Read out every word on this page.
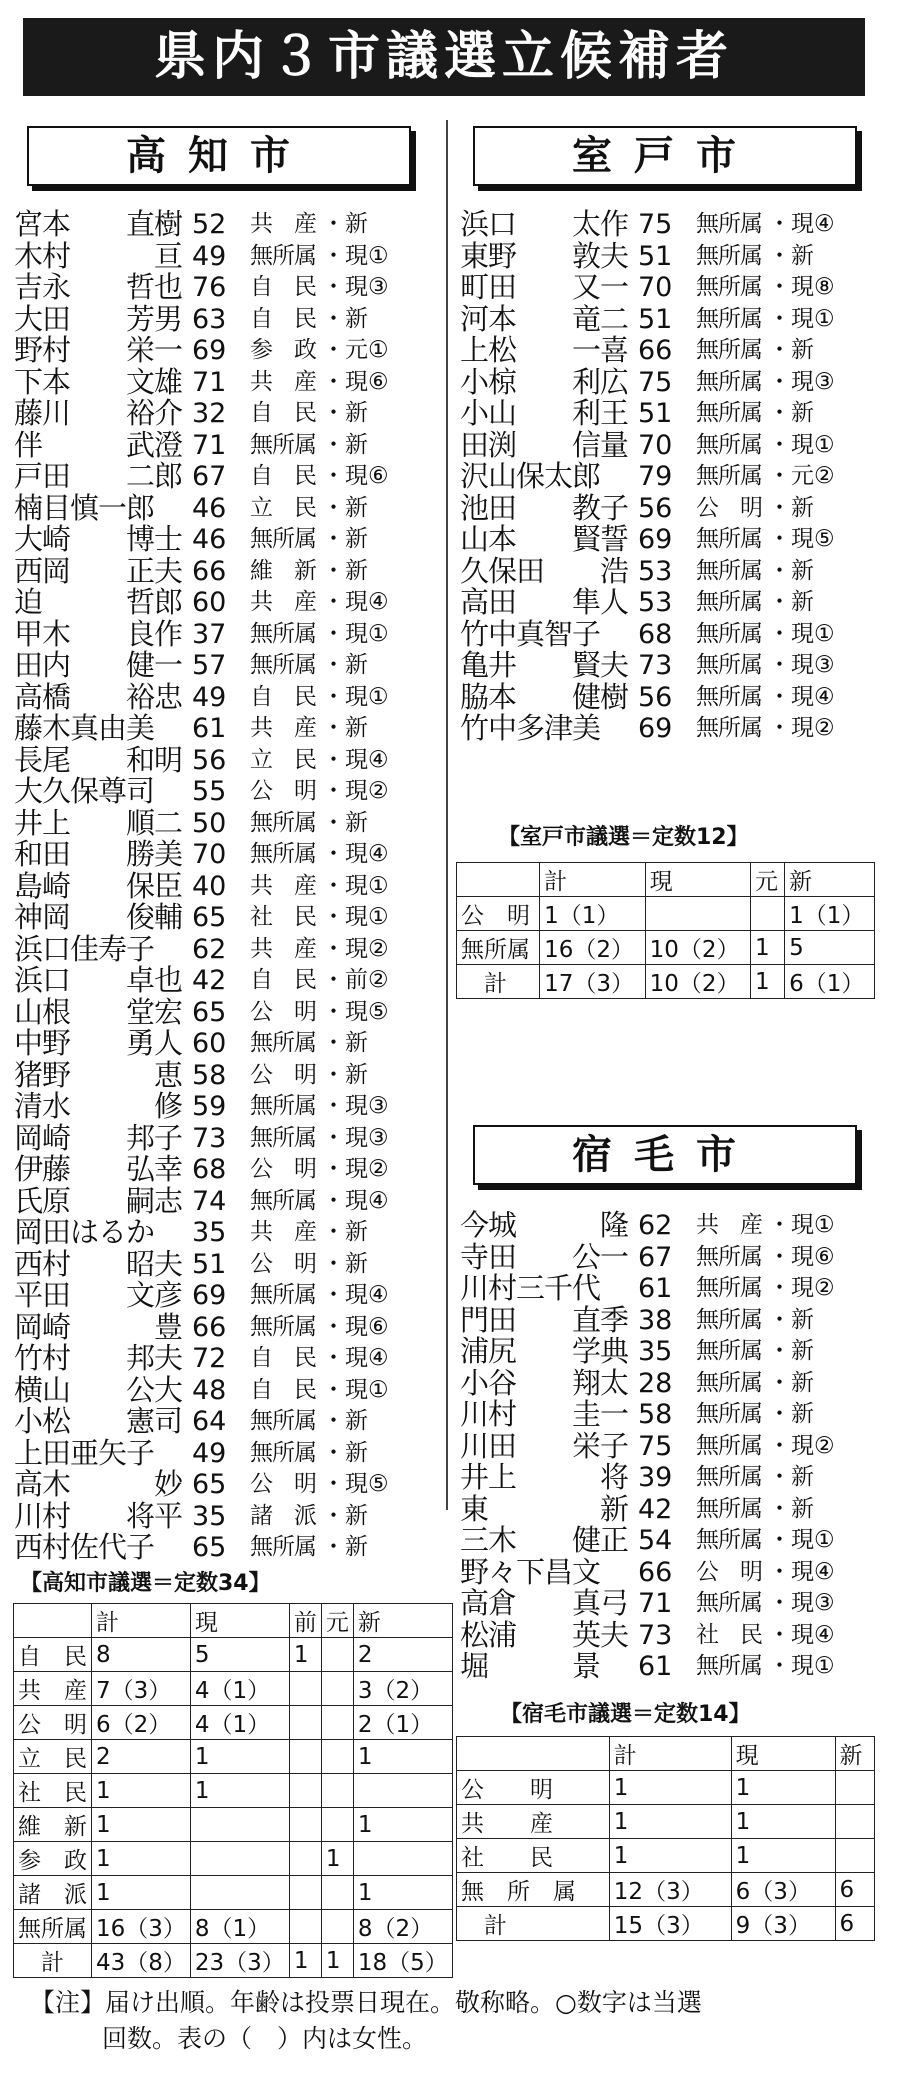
県内３市議選立候補者
高知市
宮本　　直樹 52 共　産 ・新
木村　　　亘 49 無所属 ・現①
吉永　　哲也 76 自　民 ・現③
大田　　芳男 63 自　民 ・新
野村　　栄一 69 参　政 ・元①
下本　　文雄 71 共　産 ・現⑥
藤川　　裕介 32 自　民 ・新
伴　　　武澄 71 無所属 ・新
戸田　　二郎 67 自　民 ・現⑥
楠目慎一郎 46 立　民 ・新
大崎　　博士 46 無所属 ・新
西岡　　正夫 66 維　新 ・新
迫　　　哲郎 60 共　産 ・現④
甲木　　良作 37 無所属 ・現①
田内　　健一 57 無所属 ・新
高橋　　裕忠 49 自　民 ・現①
藤木真由美 61 共　産 ・新
長尾　　和明 56 立　民 ・現④
大久保尊司 55 公　明 ・現②
井上　　順二 50 無所属 ・新
和田　　勝美 70 無所属 ・現④
島崎　　保臣 40 共　産 ・現①
神岡　　俊輔 65 社　民 ・現①
浜口佳寿子 62 共　産 ・現②
浜口　　卓也 42 自　民 ・前②
山根　　堂宏 65 公　明 ・現⑤
中野　　勇人 60 無所属 ・新
猪野　　　恵 58 公　明 ・新
清水　　　修 59 無所属 ・現③
岡崎　　邦子 73 無所属 ・現③
伊藤　　弘幸 68 公　明 ・現②
氏原　　嗣志 74 無所属 ・現④
岡田はるか 35 共　産 ・新
西村　　昭夫 51 公　明 ・新
平田　　文彦 69 無所属 ・現④
岡崎　　　豊 66 無所属 ・現⑥
竹村　　邦夫 72 自　民 ・現④
横山　　公大 48 自　民 ・現①
小松　　憲司 64 無所属 ・新
上田亜矢子 49 無所属 ・新
高木　　　妙 65 公　明 ・現⑤
川村　　将平 35 諸　派 ・新
西村佐代子 65 無所属 ・新
【高知市議選＝定数34】
	計	現	前	元	新
自　民	8	5	1		2
共　産	7（3）	4（1）			3（2）
公　明	6（2）	4（1）			2（1）
立　民	2	1			1
社　民	1	1			
維　新	1				1
参　政	1			1	
諸　派	1				1
無所属	16（3）	8（1）			8（2）
　計	43（8）	23（3）	1	1	18（5）
室戸市
浜口　　太作 75 無所属 ・現④
東野　　敦夫 51 無所属 ・新
町田　　又一 70 無所属 ・現⑧
河本　　竜二 51 無所属 ・現①
上松　　一喜 66 無所属 ・新
小椋　　利広 75 無所属 ・現③
小山　　利王 51 無所属 ・新
田渕　　信量 70 無所属 ・現①
沢山保太郎 79 無所属 ・元②
池田　　教子 56 公　明 ・新
山本　　賢誓 69 無所属 ・現⑤
久保田　　浩 53 無所属 ・新
高田　　隼人 53 無所属 ・新
竹中真智子 68 無所属 ・現①
亀井　　賢夫 73 無所属 ・現③
脇本　　健樹 56 無所属 ・現④
竹中多津美 69 無所属 ・現②
【室戸市議選＝定数12】
	計	現	元	新
公　明	1（1）			1（1）
無所属	16（2）	10（2）	1	5
　計	17（3）	10（2）	1	6（1）
宿毛市
今城　　　隆 62 共　産 ・現①
寺田　　公一 67 無所属 ・現⑥
川村三千代 61 無所属 ・現②
門田　　直季 38 無所属 ・新
浦尻　　学典 35 無所属 ・新
小谷　　翔太 28 無所属 ・新
川村　　圭一 58 無所属 ・新
川田　　栄子 75 無所属 ・現②
井上　　　将 39 無所属 ・新
東　　　　新 42 無所属 ・新
三木　　健正 54 無所属 ・現①
野々下昌文 66 公　明 ・現④
高倉　　真弓 71 無所属 ・現③
松浦　　英夫 73 社　民 ・現④
堀　　　景 61 無所属 ・現①
【宿毛市議選＝定数14】
	計	現	新
公　　明	1	1	
共　　産	1	1	
社　　民	1	1	
無　所　属	12（3）	6（3）	6
　計	15（3）	9（3）	6
【注】届け出順。年齢は投票日現在。敬称略。○数字は当選
回数。表の（　）内は女性。
